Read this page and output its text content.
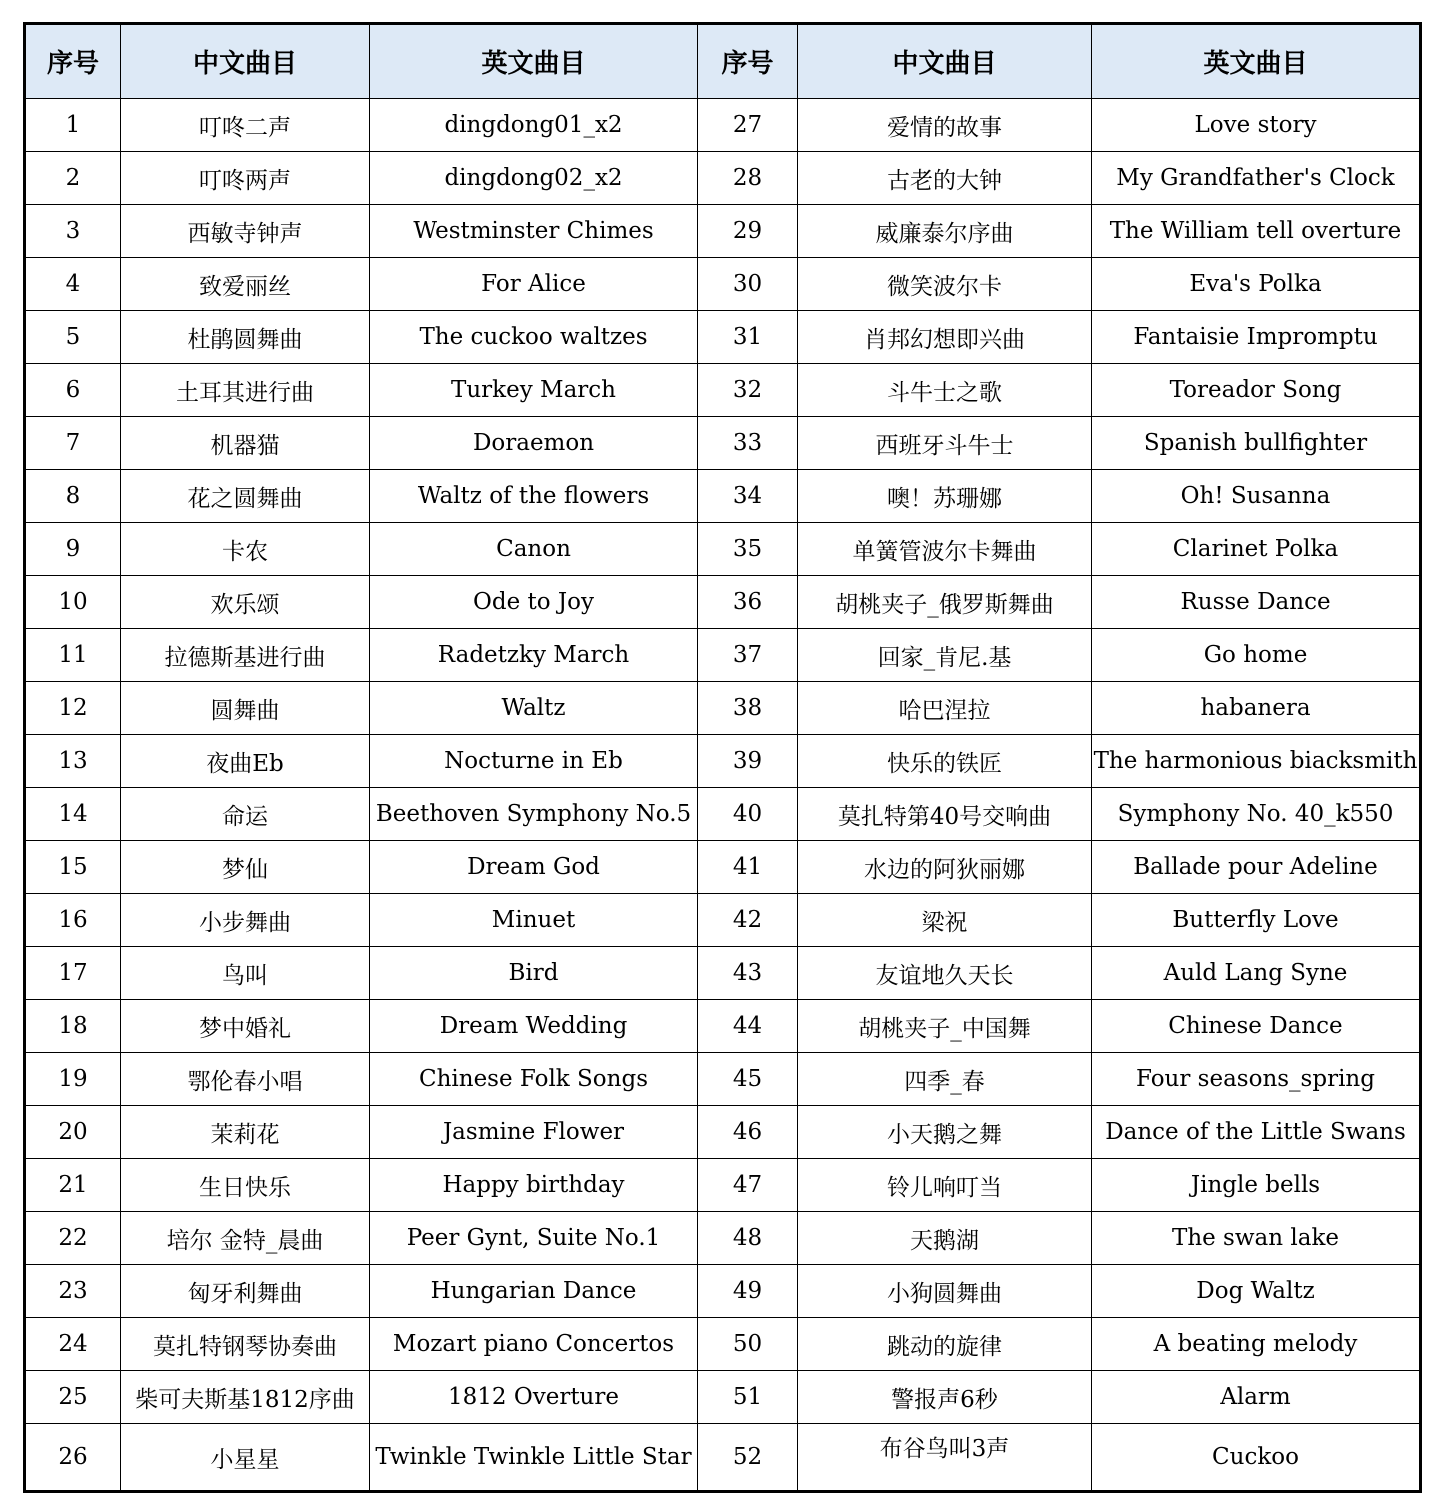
序号	中文曲目	英文曲目	序号	中文曲目	英文曲目
1	叮咚二声	dingdong01_x2	27	爱情的故事	Love story
2	叮咚两声	dingdong02_x2	28	古老的大钟	My Grandfather's Clock
3	西敏寺钟声	Westminster Chimes	29	威廉泰尔序曲	The William tell overture
4	致爱丽丝	For Alice	30	微笑波尔卡	Eva's Polka
5	杜鹃圆舞曲	The cuckoo waltzes	31	肖邦幻想即兴曲	Fantaisie Impromptu
6	土耳其进行曲	Turkey March	32	斗牛士之歌	Toreador Song
7	机器猫	Doraemon	33	西班牙斗牛士	Spanish bullfighter
8	花之圆舞曲	Waltz of the flowers	34	噢！苏珊娜	Oh! Susanna
9	卡农	Canon	35	单簧管波尔卡舞曲	Clarinet Polka
10	欢乐颂	Ode to Joy	36	胡桃夹子_俄罗斯舞曲	Russe Dance
11	拉德斯基进行曲	Radetzky March	37	回家_肯尼.基	Go home
12	圆舞曲	Waltz	38	哈巴涅拉	habanera
13	夜曲Eb	Nocturne in Eb	39	快乐的铁匠	The harmonious biacksmith
14	命运	Beethoven Symphony No.5	40	莫扎特第40号交响曲	Symphony No. 40_k550
15	梦仙	Dream God	41	水边的阿狄丽娜	Ballade pour Adeline
16	小步舞曲	Minuet	42	梁祝	Butterfly Love
17	鸟叫	Bird	43	友谊地久天长	Auld Lang Syne
18	梦中婚礼	Dream Wedding	44	胡桃夹子_中国舞	Chinese Dance
19	鄂伦春小唱	Chinese Folk Songs	45	四季_春	Four seasons_spring
20	茉莉花	Jasmine Flower	46	小天鹅之舞	Dance of the Little Swans
21	生日快乐	Happy birthday	47	铃儿响叮当	Jingle bells
22	培尔 金特_晨曲	Peer Gynt, Suite No.1	48	天鹅湖	The swan lake
23	匈牙利舞曲	Hungarian Dance	49	小狗圆舞曲	Dog Waltz
24	莫扎特钢琴协奏曲	Mozart piano Concertos	50	跳动的旋律	A beating melody
25	柴可夫斯基1812序曲	1812 Overture	51	警报声6秒	Alarm
26	小星星	Twinkle Twinkle Little Star	52	布谷鸟叫3声	Cuckoo
